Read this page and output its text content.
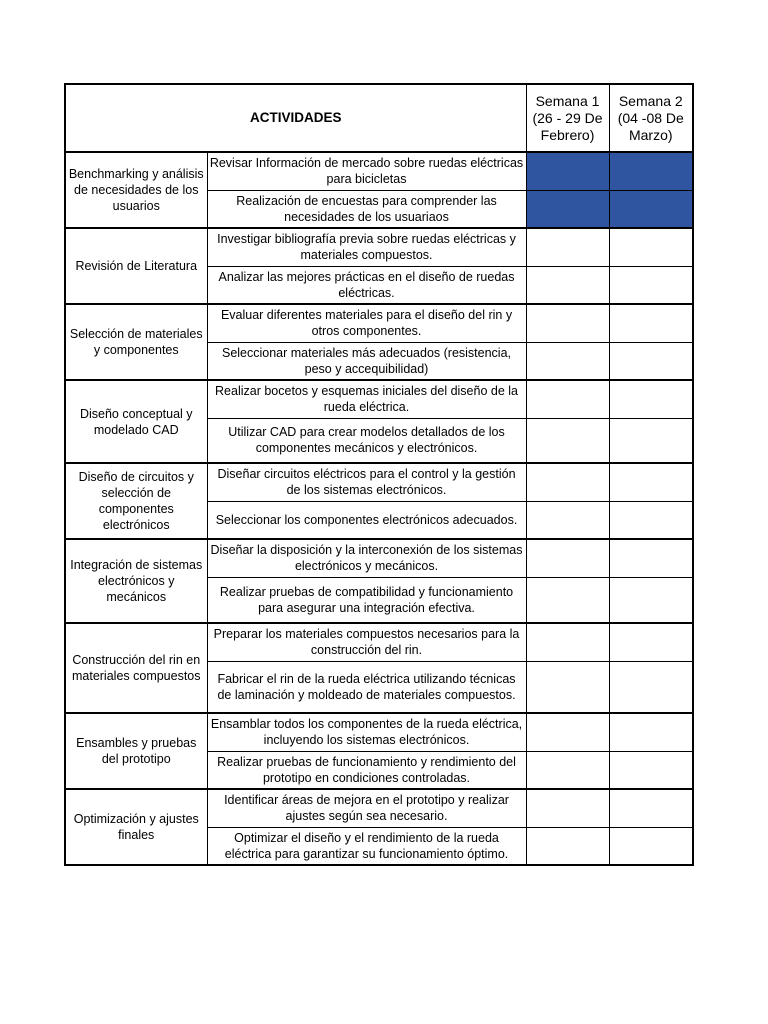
ACTIVIDADES		Semana 1 (26 - 29 De Febrero)	Semana 2 (04 -08 De Marzo)
Benchmarking y análisis de necesidades de los usuarios	Revisar Información de mercado sobre ruedas eléctricas para bicicletas		
	Realización de encuestas para comprender las necesidades de los usuariaos		
Revisión de Literatura	Investigar bibliografía previa sobre ruedas eléctricas y materiales compuestos.		
	Analizar las mejores prácticas en el diseño de ruedas eléctricas.		
Selección de materiales y componentes	Evaluar diferentes materiales para el diseño del rin y otros componentes.		
	Seleccionar materiales más adecuados (resistencia, peso y accequibilidad)		
Diseño conceptual y modelado CAD	Realizar bocetos y esquemas iniciales del diseño de la rueda eléctrica.		
	Utilizar CAD para crear modelos detallados de los componentes mecánicos y electrónicos.		
Diseño de circuitos y selección de componentes electrónicos	Diseñar circuitos eléctricos para el control y la gestión de los sistemas electrónicos.		
	Seleccionar los componentes electrónicos adecuados.		
Integración de sistemas electrónicos y mecánicos	Diseñar la disposición y la interconexión de los sistemas electrónicos y mecánicos.		
	Realizar pruebas de compatibilidad y funcionamiento para asegurar una integración efectiva.		
Construcción del rin en materiales compuestos	Preparar los materiales compuestos necesarios para la construcción del rin.		
	Fabricar el rin de la rueda eléctrica utilizando técnicas de laminación y moldeado de materiales compuestos.		
Ensambles y pruebas del prototipo	Ensamblar todos los componentes de la rueda eléctrica, incluyendo los sistemas electrónicos.		
	Realizar pruebas de funcionamiento y rendimiento del prototipo en condiciones controladas.		
Optimización y ajustes finales	Identificar áreas de mejora en el prototipo y realizar ajustes según sea necesario.		
	Optimizar el diseño y el rendimiento de la rueda eléctrica para garantizar su funcionamiento óptimo.		
